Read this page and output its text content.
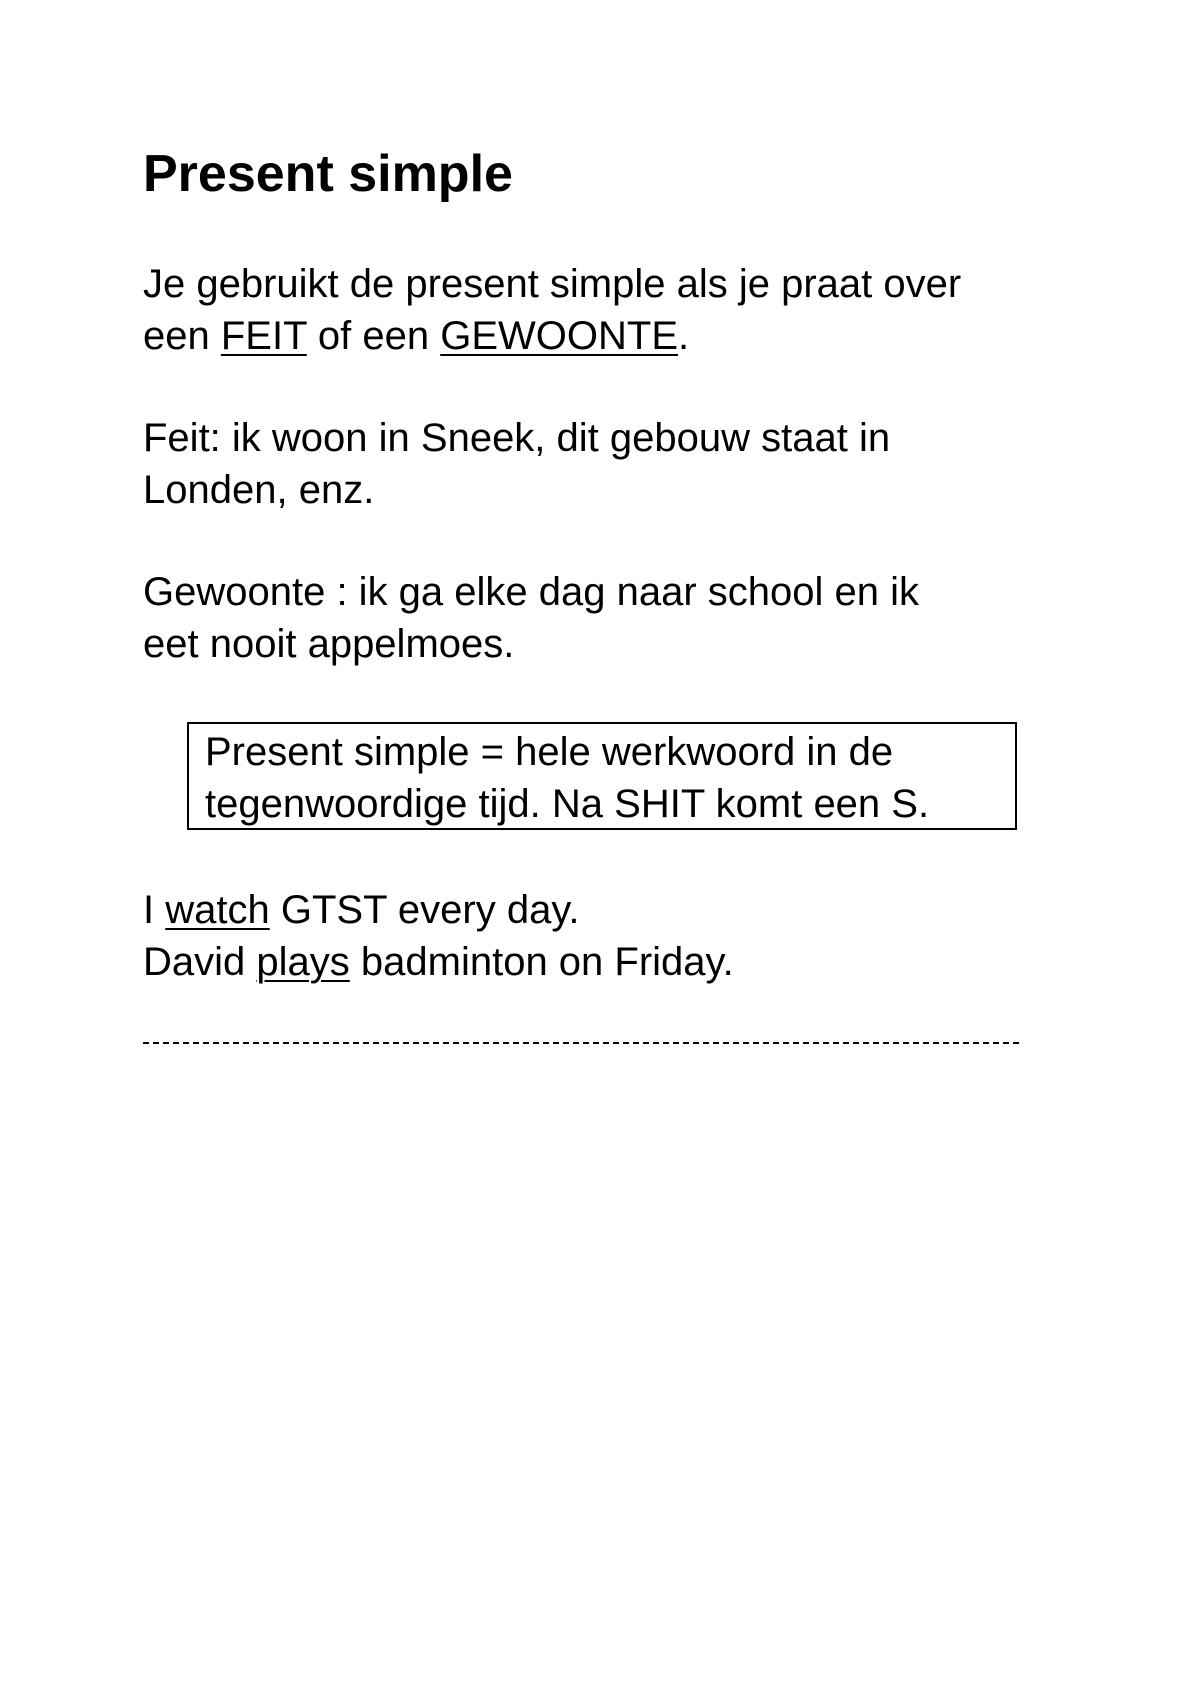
Present simple

Je gebruikt de present simple als je praat over
een FEIT of een GEWOONTE.

Feit: ik woon in Sneek, dit gebouw staat in
Londen, enz.

Gewoonte : ik ga elke dag naar school en ik
eet nooit appelmoes.

Present simple = hele werkwoord in de
tegenwoordige tijd. Na SHIT komt een S.

I watch GTST every day.
David plays badminton on Friday.
